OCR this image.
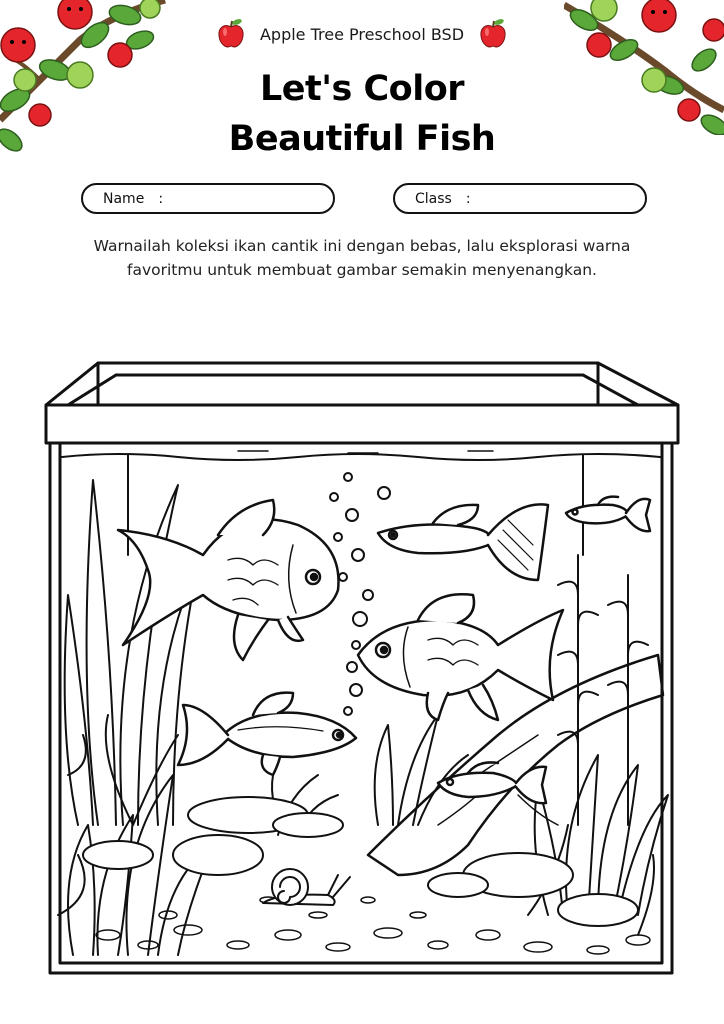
Apple Tree Preschool BSD
Let's Color
Beautiful Fish
Name :	Class :
Warnailah koleksi ikan cantik ini dengan bebas, lalu eksplorasi warna
favoritmu untuk membuat gambar semakin menyenangkan.
